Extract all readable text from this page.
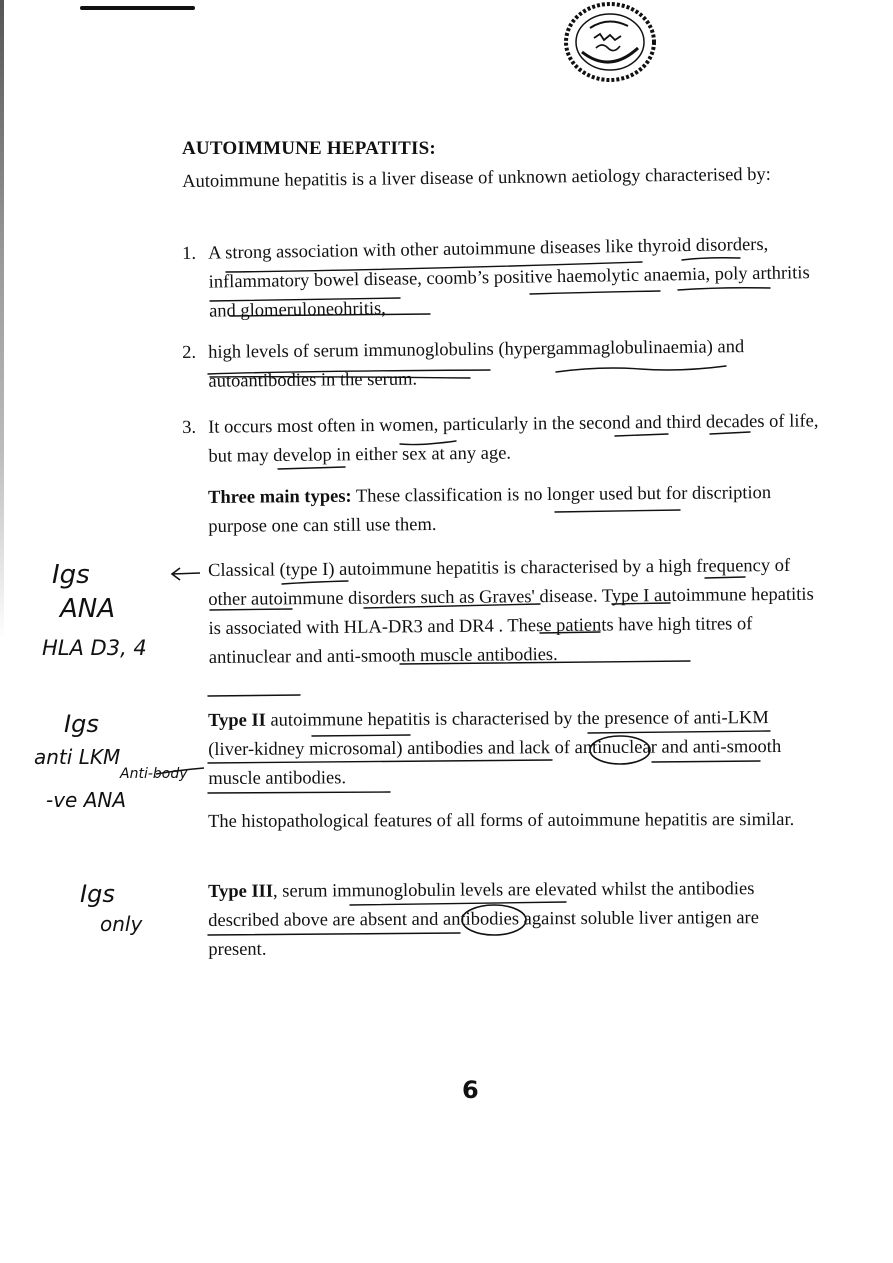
AUTOIMMUNE HEPATITIS:
Autoimmune hepatitis is a liver disease of unknown aetiology characterised by:
1. A strong association with other autoimmune diseases like thyroid disorders, inflammatory bowel disease, coomb’s positive haemolytic anaemia, poly arthritis and glomeruloneohritis,
2. high levels of serum immunoglobulins (hypergammaglobulinaemia) and autoantibodies in the serum.
3. It occurs most often in women, particularly in the second and third decades of life, but may develop in either sex at any age.
Three main types: These classification is no longer used but for discription purpose one can still use them.
Classical (type I) autoimmune hepatitis is characterised by a high frequency of other autoimmune disorders such as Graves' disease. Type I autoimmune hepatitis is associated with HLA-DR3 and DR4 . These patients have high titres of antinuclear and anti-smooth muscle antibodies.
Type II autoimmune hepatitis is characterised by the presence of anti-LKM (liver-kidney microsomal) antibodies and lack of antinuclear and anti-smooth muscle antibodies.
The histopathological features of all forms of autoimmune hepatitis are similar.
Type III, serum immunoglobulin levels are elevated whilst the antibodies described above are absent and antibodies against soluble liver antigen are present.
6
Igs
ANA
HLA D3, 4
Igs
anti LKM
Anti-body
-ve ANA
Igs
only
